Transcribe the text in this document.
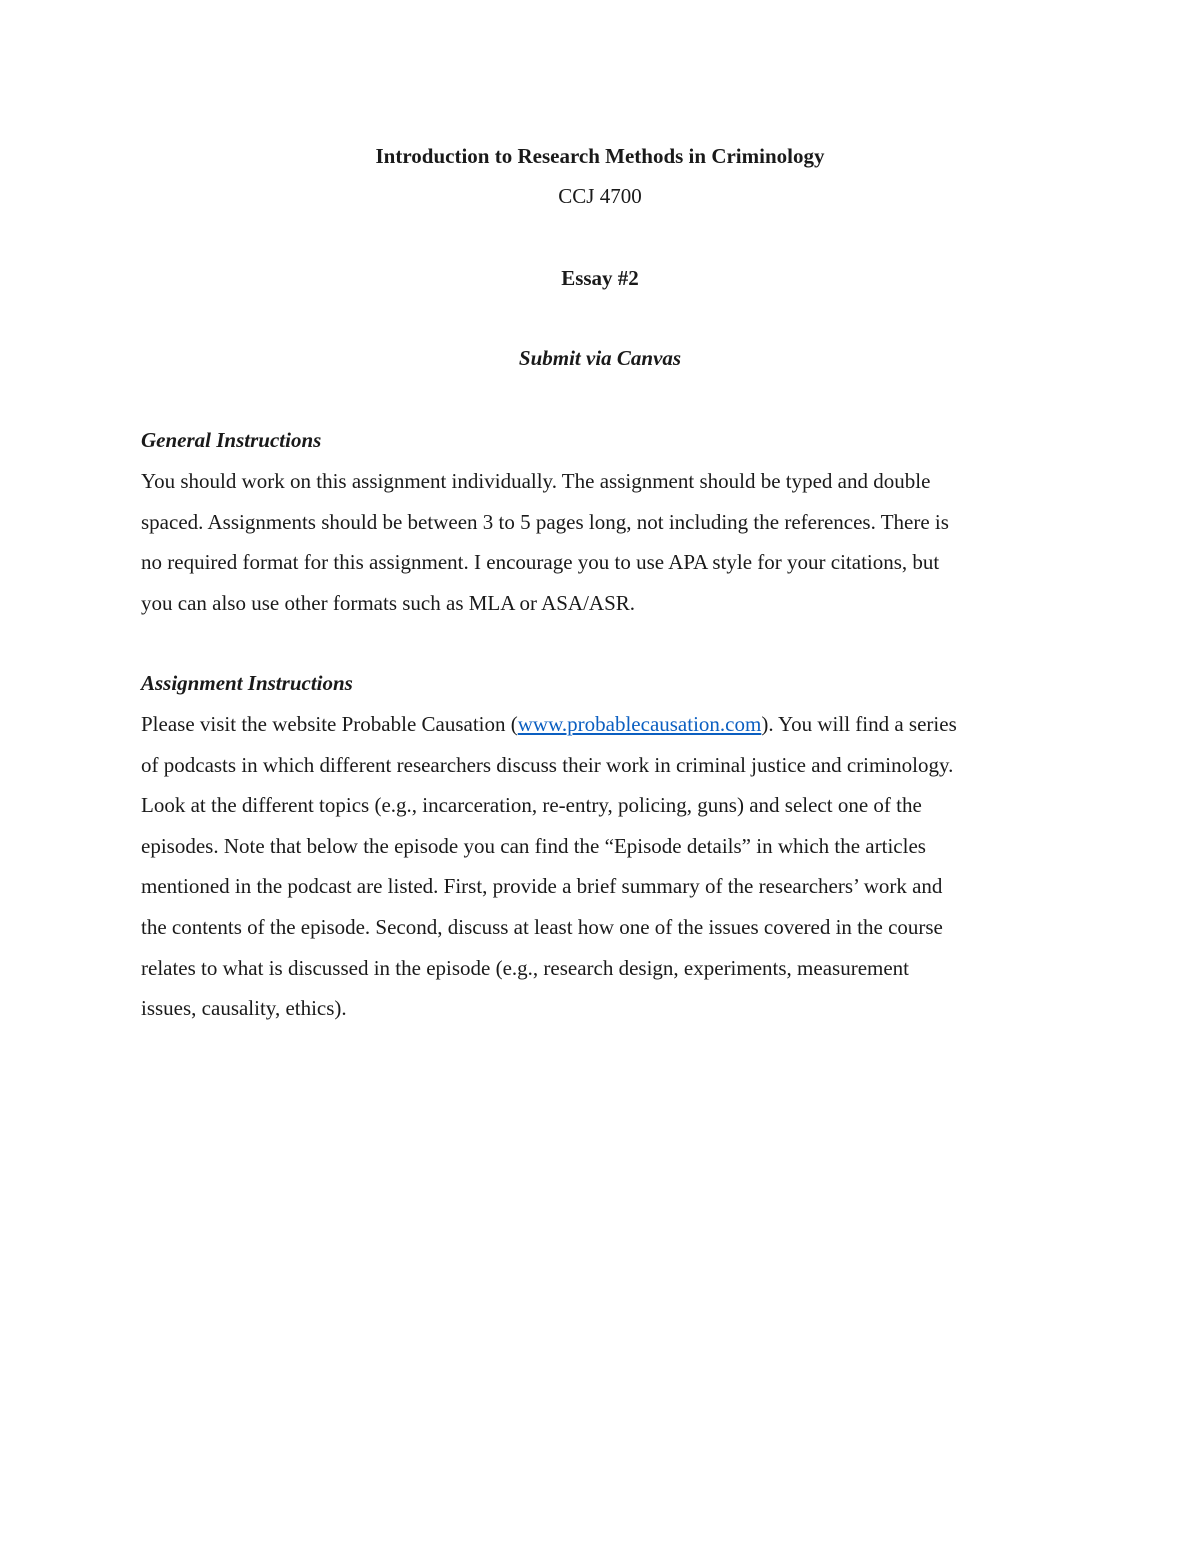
Introduction to Research Methods in Criminology
CCJ 4700
Essay #2
Submit via Canvas
General Instructions
You should work on this assignment individually. The assignment should be typed and double
spaced. Assignments should be between 3 to 5 pages long, not including the references. There is
no required format for this assignment. I encourage you to use APA style for your citations, but
you can also use other formats such as MLA or ASA/ASR.
Assignment Instructions
Please visit the website Probable Causation (www.probablecausation.com). You will find a series
of podcasts in which different researchers discuss their work in criminal justice and criminology.
Look at the different topics (e.g., incarceration, re-entry, policing, guns) and select one of the
episodes. Note that below the episode you can find the “Episode details” in which the articles
mentioned in the podcast are listed. First, provide a brief summary of the researchers’ work and
the contents of the episode. Second, discuss at least how one of the issues covered in the course
relates to what is discussed in the episode (e.g., research design, experiments, measurement
issues, causality, ethics).
